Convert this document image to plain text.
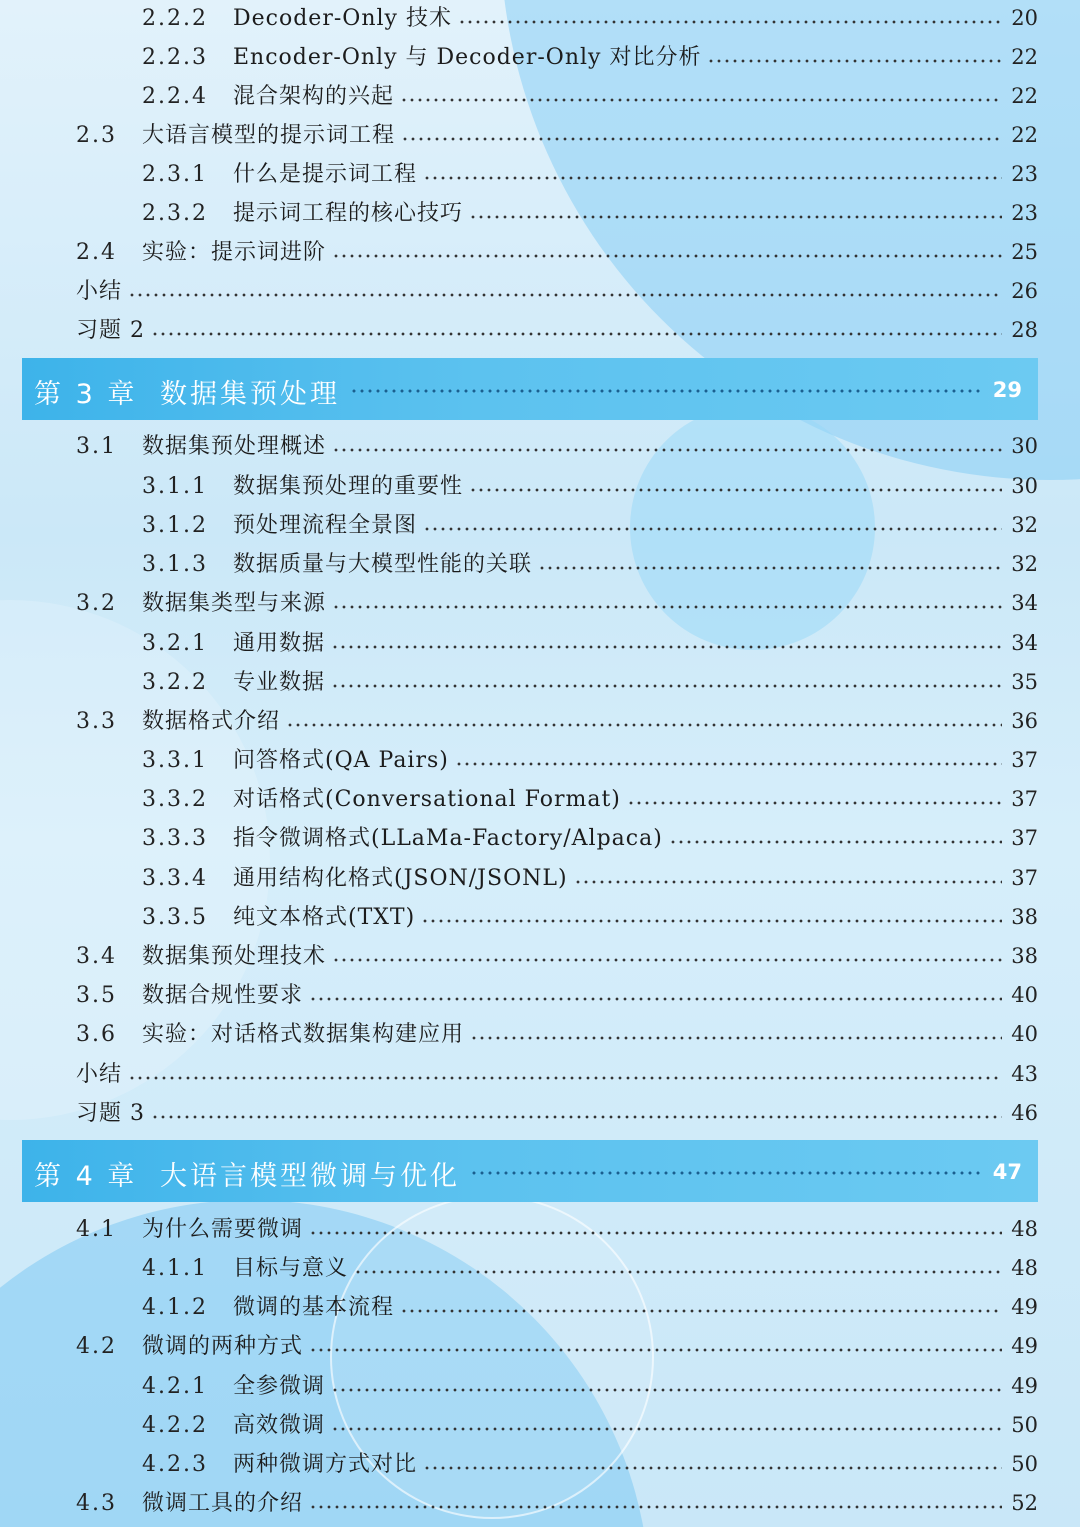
2.2.2 Decoder-Only 技术	20
2.2.3 Encoder-Only 与 Decoder-Only 对比分析	22
2.2.4 混合架构的兴起	22
2.3 大语言模型的提示词工程	22
2.3.1 什么是提示词工程	23
2.3.2 提示词工程的核心技巧	23
2.4 实验：提示词进阶	25
小结	26
习题 2	28
第 3 章 数据集预处理	29
3.1 数据集预处理概述	30
3.1.1 数据集预处理的重要性	30
3.1.2 预处理流程全景图	32
3.1.3 数据质量与大模型性能的关联	32
3.2 数据集类型与来源	34
3.2.1 通用数据	34
3.2.2 专业数据	35
3.3 数据格式介绍	36
3.3.1 问答格式(QA Pairs)	37
3.3.2 对话格式(Conversational Format)	37
3.3.3 指令微调格式(LLaMa-Factory/Alpaca)	37
3.3.4 通用结构化格式(JSON/JSONL)	37
3.3.5 纯文本格式(TXT)	38
3.4 数据集预处理技术	38
3.5 数据合规性要求	40
3.6 实验：对话格式数据集构建应用	40
小结	43
习题 3	46
第 4 章 大语言模型微调与优化	47
4.1 为什么需要微调	48
4.1.1 目标与意义	48
4.1.2 微调的基本流程	49
4.2 微调的两种方式	49
4.2.1 全参微调	49
4.2.2 高效微调	50
4.2.3 两种微调方式对比	50
4.3 微调工具的介绍	52
